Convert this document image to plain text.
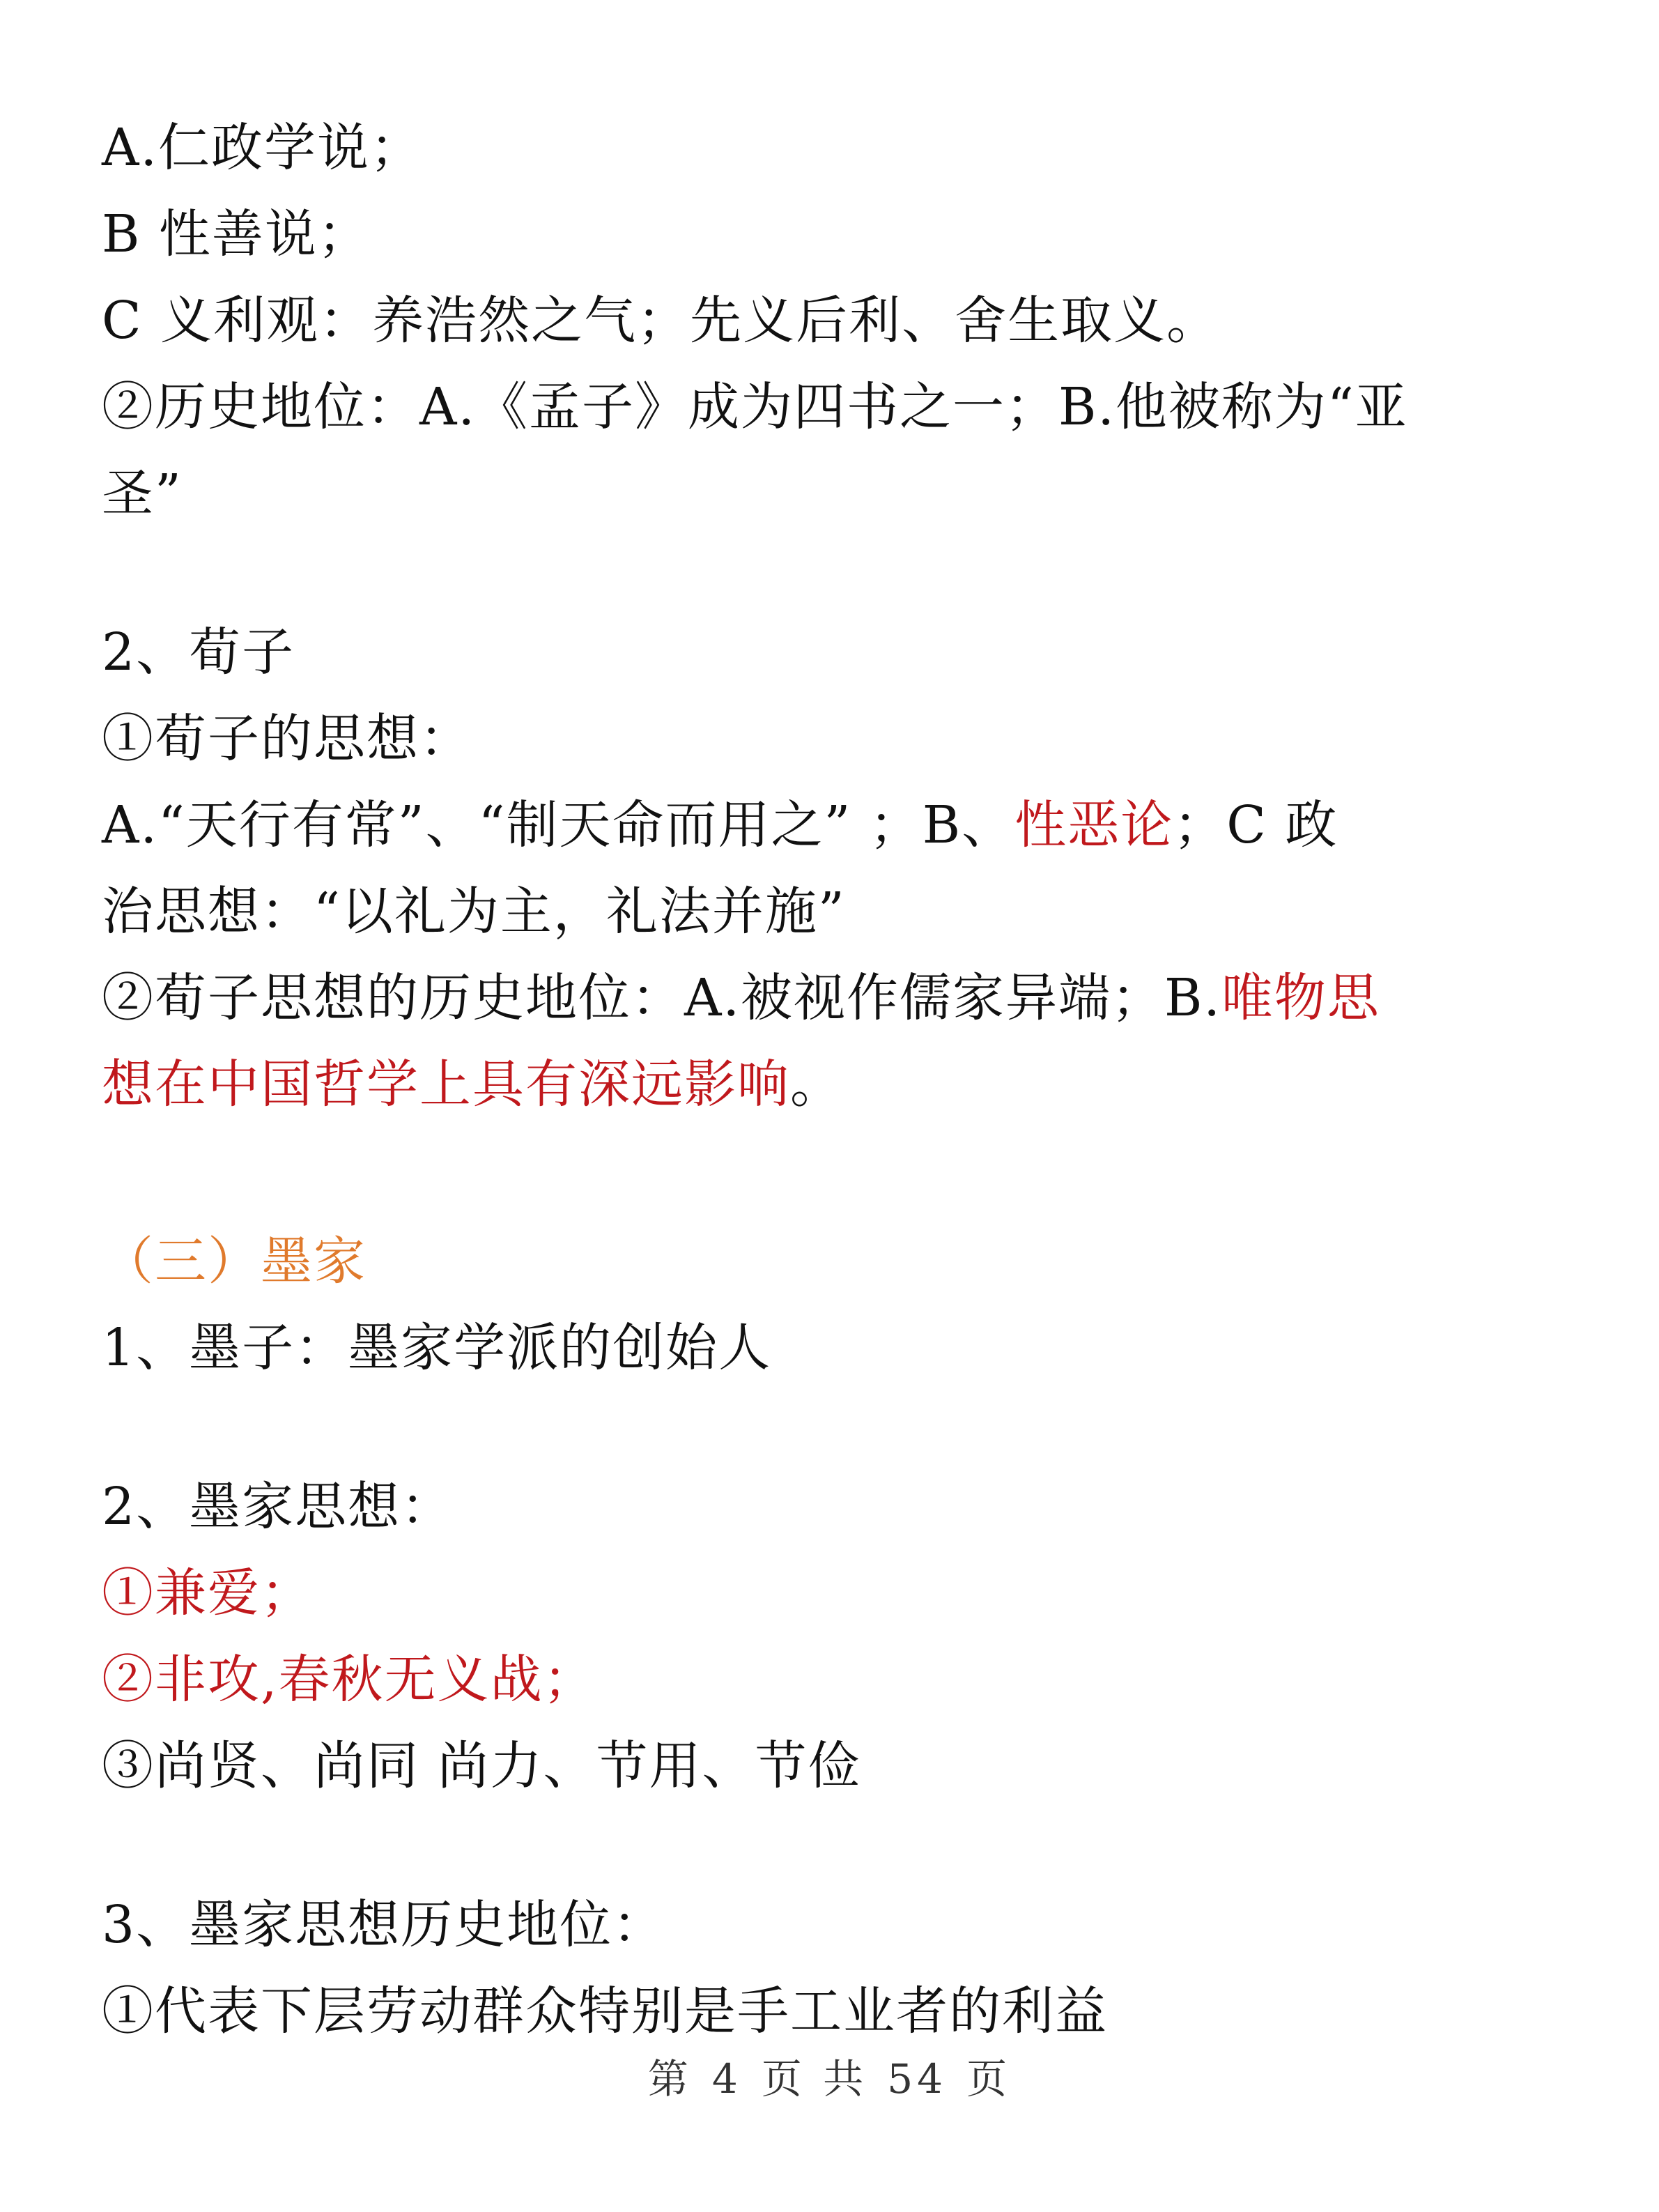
A.仁政学说；
B 性善说；
C 义利观：养浩然之气；先义后利、舍生取义。
②历史地位：A.《孟子》成为四书之一；B.他被称为“亚
圣”
2、荀子
①荀子的思想：
A.“天行有常”、“制天命而用之” ；B、性恶论；C 政
治思想：“以礼为主，礼法并施”
②荀子思想的历史地位：A.被视作儒家异端；B.唯物思
想在中国哲学上具有深远影响。
（三）墨家
1、墨子：墨家学派的创始人
2、墨家思想：
①兼爱；
②非攻,春秋无义战；
③尚贤、尚同 尚力、节用、节俭
3、墨家思想历史地位：
①代表下层劳动群众特别是手工业者的利益
第 4 页 共 54 页
